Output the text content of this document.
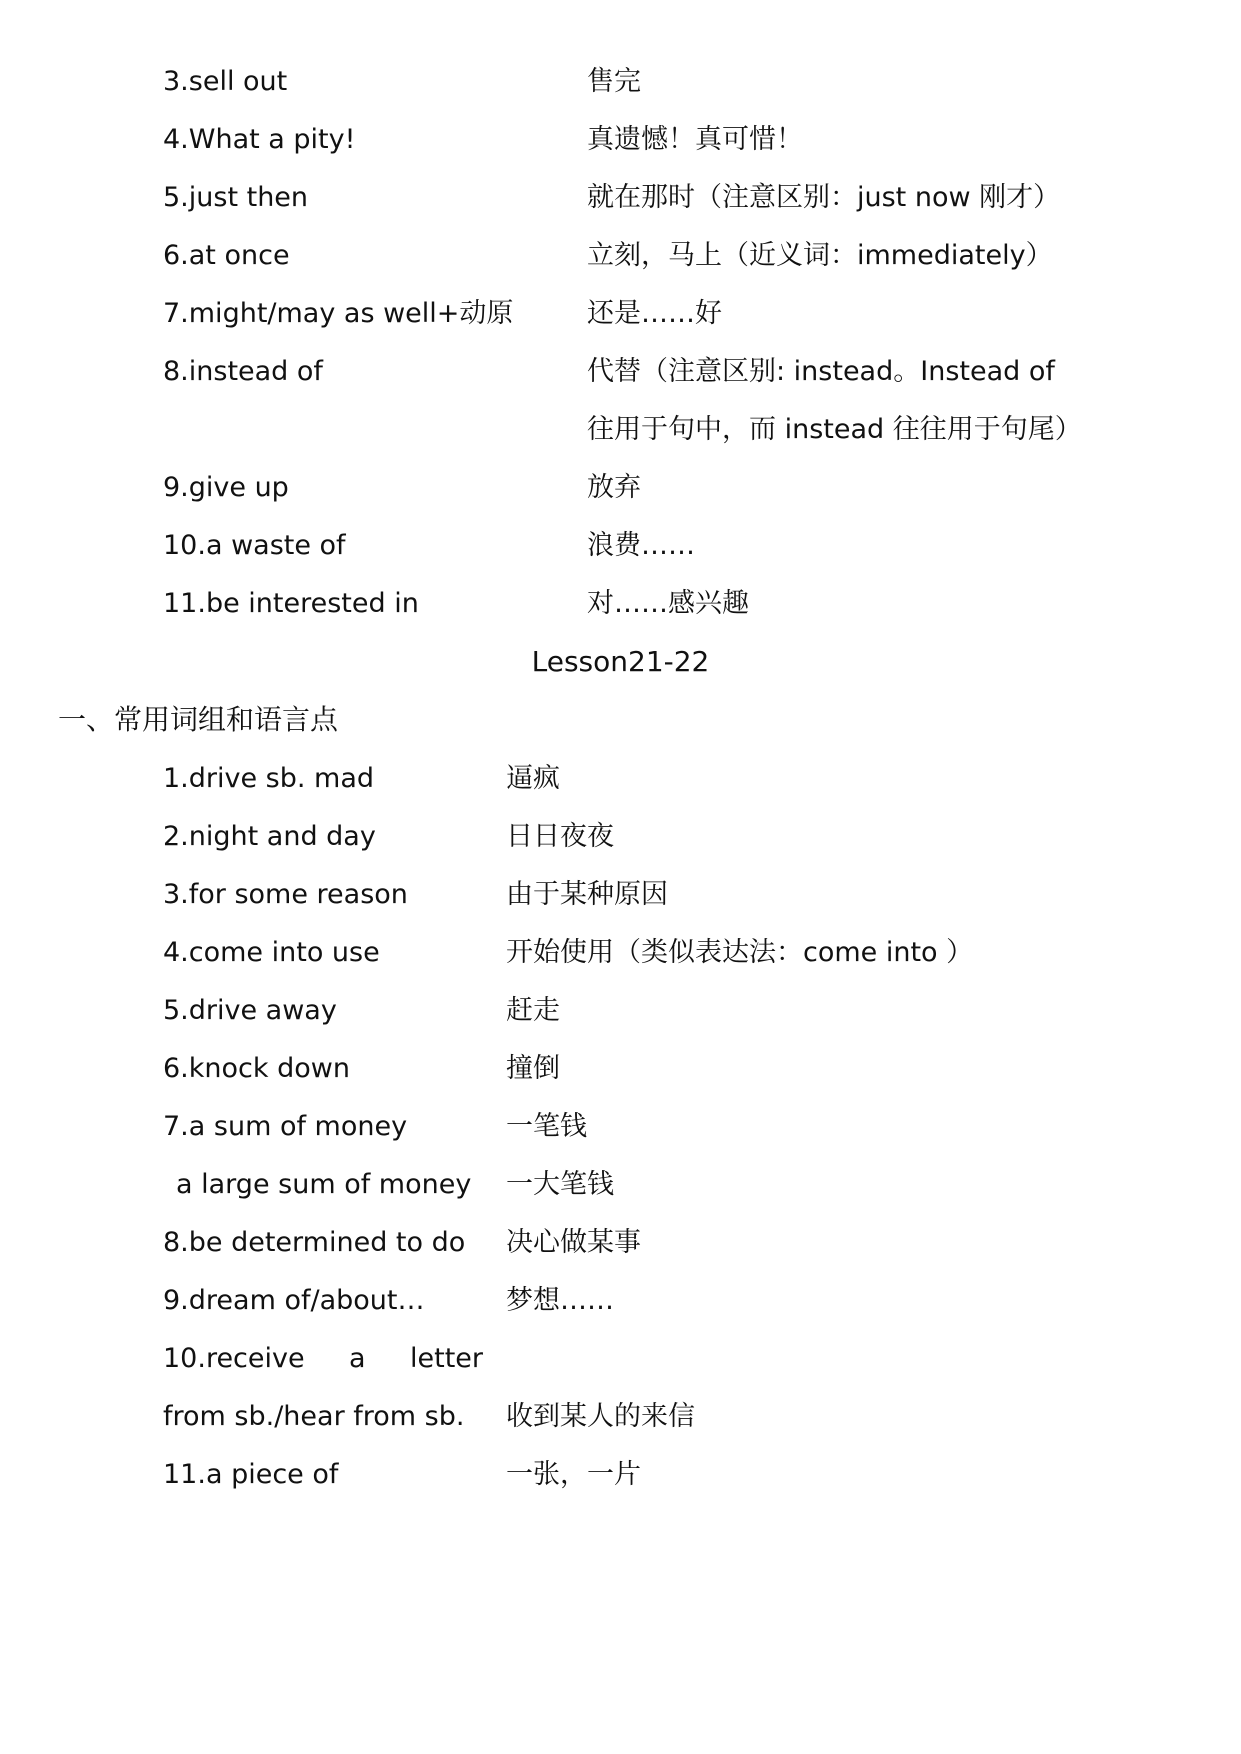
3.sell out	售完
4.What a pity!	真遗憾！真可惜！
5.just then	就在那时（注意区别：just now 刚才）
6.at once	立刻，马上（近义词：immediately）
7.might/may as well+动原	还是……好
8.instead of	代替（注意区别: instead。Instead of
往用于句中，而 instead 往往用于句尾）
9.give up	放弃
10.a waste of	浪费……
11.be interested in	对……感兴趣
Lesson21-22
一、常用词组和语言点
1.drive sb. mad	逼疯
2.night and day	日日夜夜
3.for some reason	由于某种原因
4.come into use	开始使用（类似表达法：come into ）
5.drive away	赶走
6.knock down	撞倒
7.a sum of money	一笔钱
a large sum of money 一大笔钱
8.be determined to do 决心做某事
9.dream of/about…	梦想……
10.receive a letter
from sb./hear from sb. 收到某人的来信
11.a piece of	一张，一片
